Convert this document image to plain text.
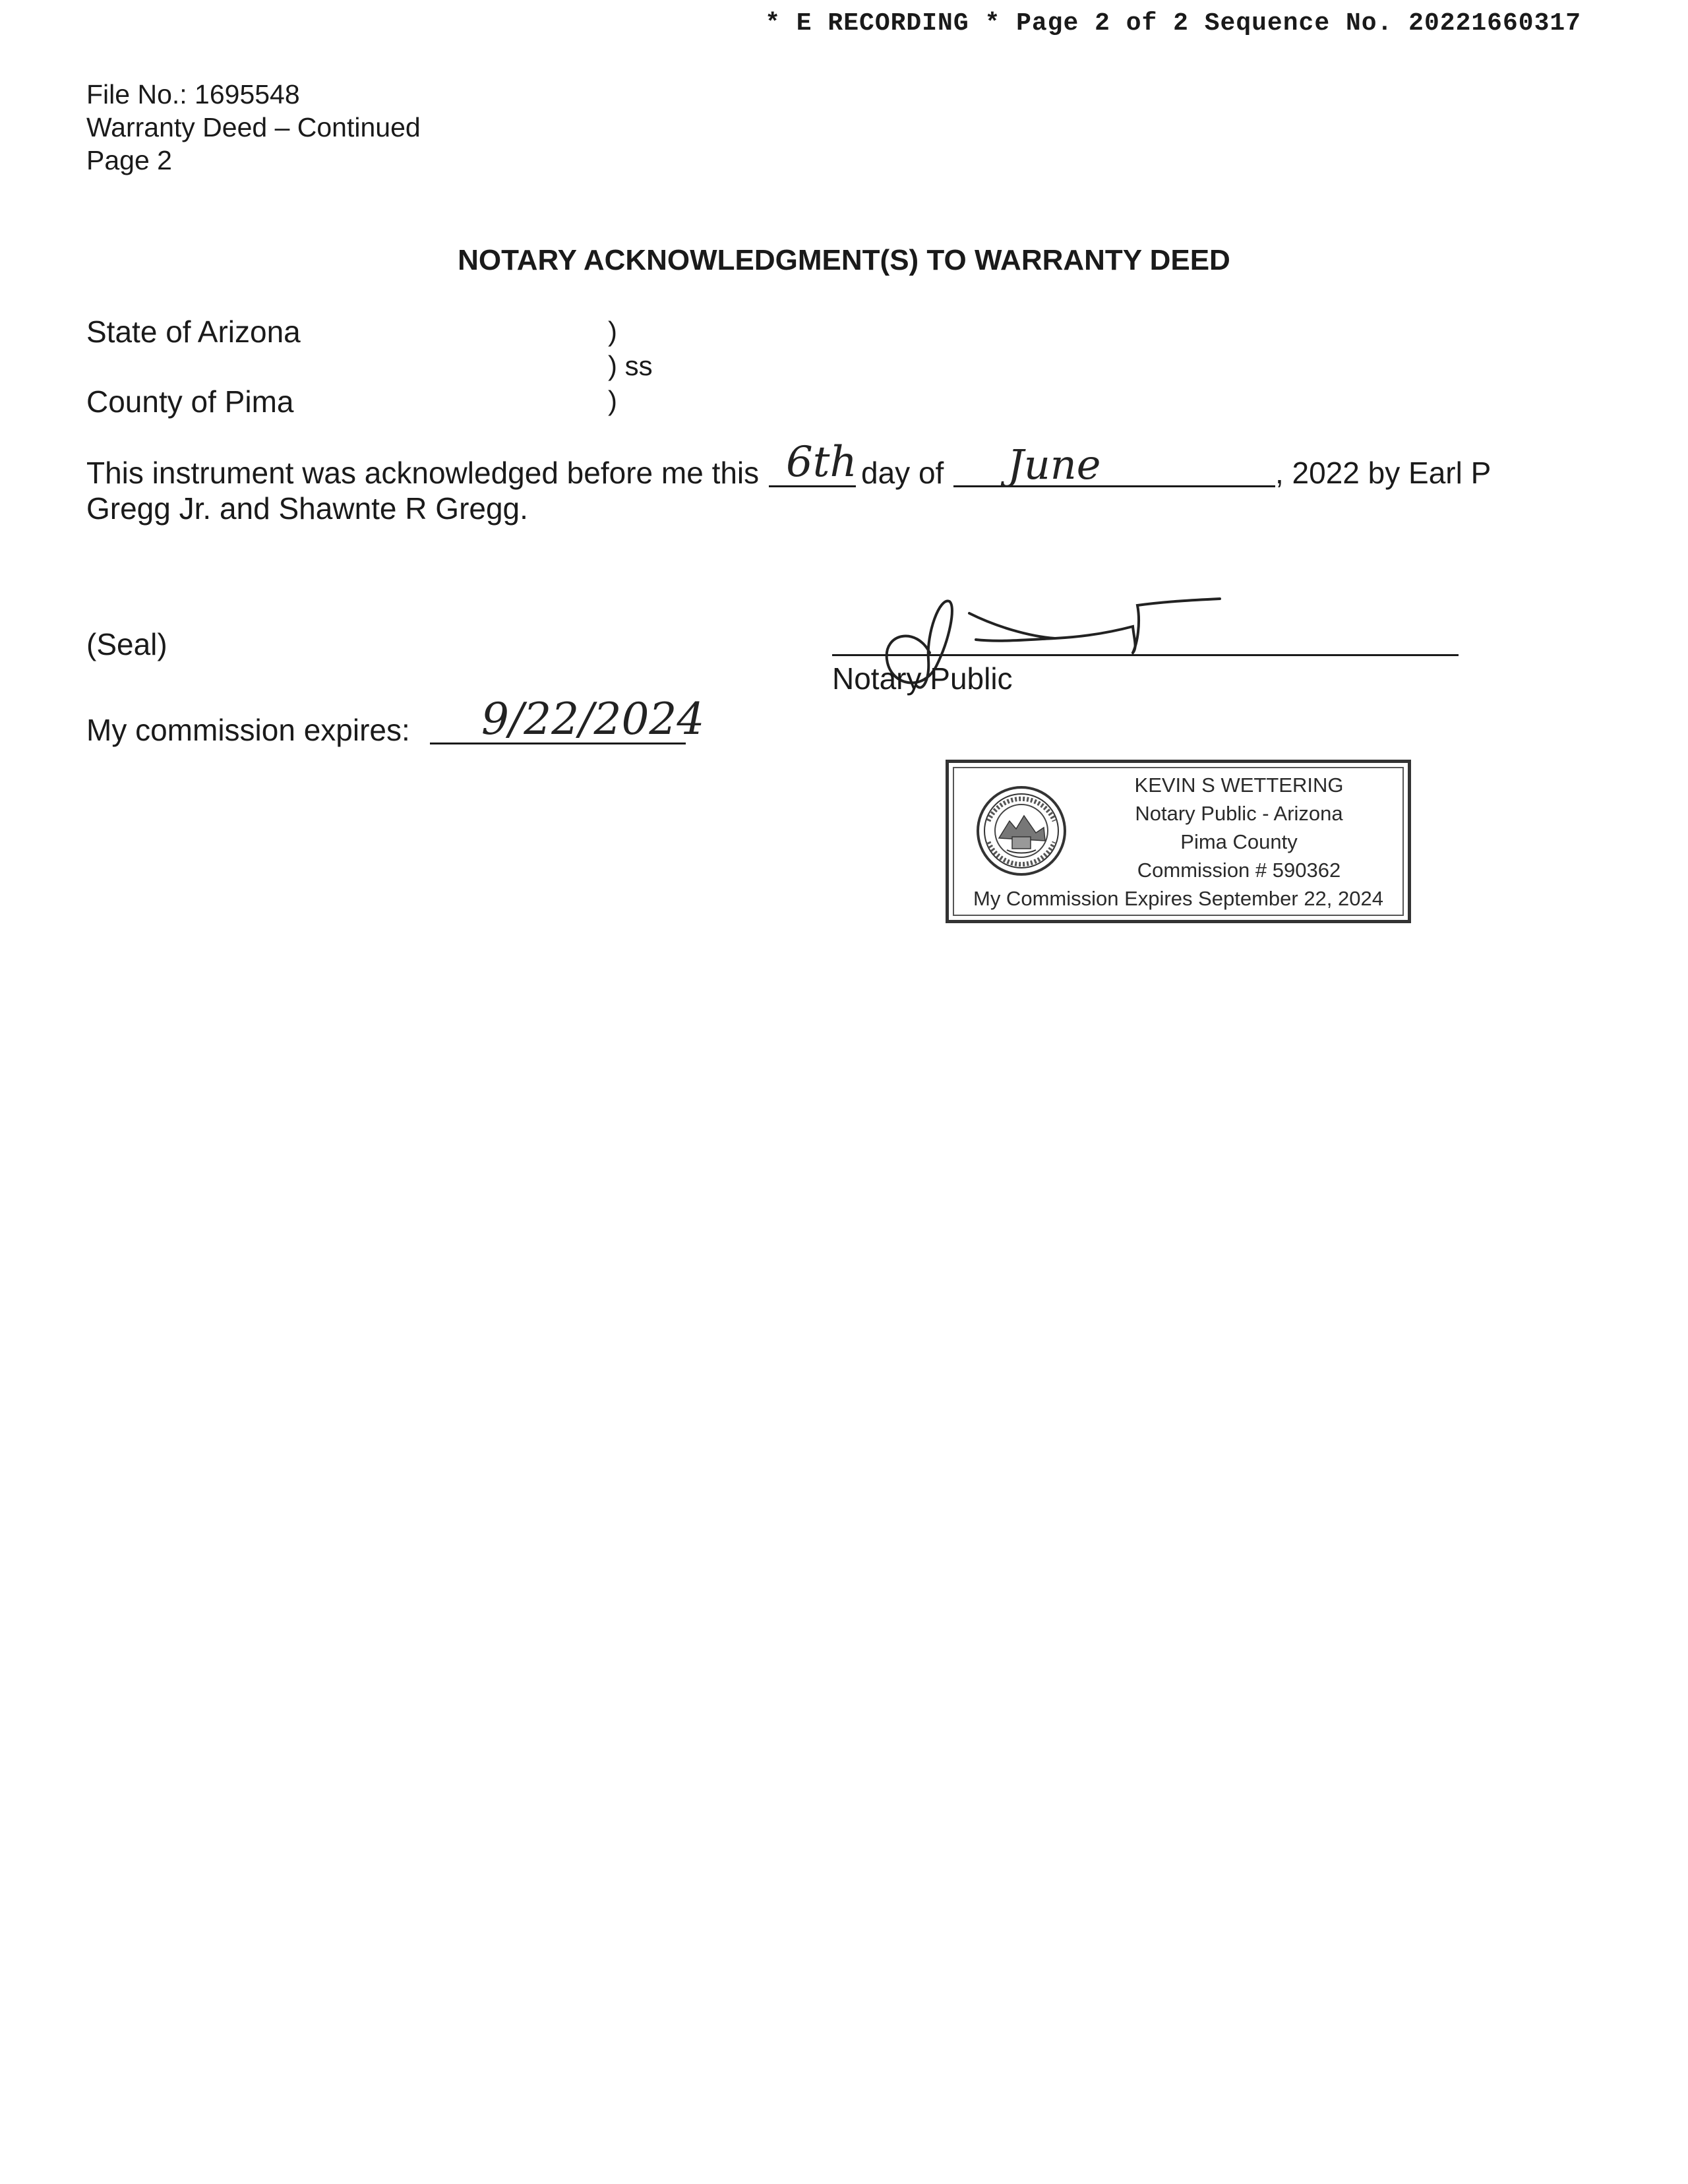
* E RECORDING * Page 2 of 2 Sequence No. 20221660317
File No.: 1695548
Warranty Deed – Continued
Page 2
NOTARY ACKNOWLEDGMENT(S) TO WARRANTY DEED
State of Arizona
County of Pima
)
) ss
)
This instrument was acknowledged before me this 6th day of June	, 2022 by Earl P
Gregg Jr. and Shawnte R Gregg.
(Seal)
Notary Public
My commission expires: 9/22/2024
KEVIN S WETTERING
Notary Public - Arizona
Pima County
Commission # 590362
My Commission Expires September 22, 2024
